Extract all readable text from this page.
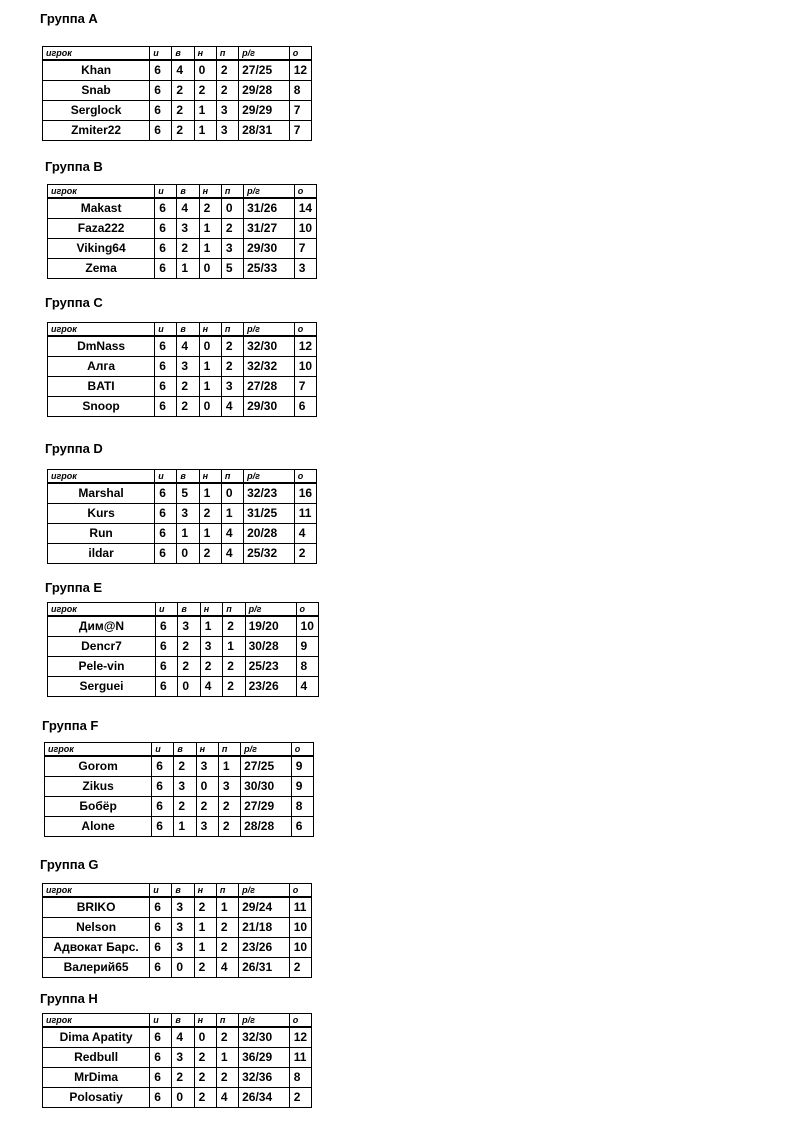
Группа А
игрок	и	в	н	п	р/г	о
Khan	6	4	0	2	27/25	12
Snab	6	2	2	2	29/28	8
Serglock	6	2	1	3	29/29	7
Zmiter22	6	2	1	3	28/31	7
Группа В
игрок	и	в	н	п	р/г	о
Makast	6	4	2	0	31/26	14
Faza222	6	3	1	2	31/27	10
Viking64	6	2	1	3	29/30	7
Zema	6	1	0	5	25/33	3
Группа С
игрок	и	в	н	п	р/г	о
DmNass	6	4	0	2	32/30	12
Алга	6	3	1	2	32/32	10
BATI	6	2	1	3	27/28	7
Snoop	6	2	0	4	29/30	6
Группа D
игрок	и	в	н	п	р/г	о
Marshal	6	5	1	0	32/23	16
Kurs	6	3	2	1	31/25	11
Run	6	1	1	4	20/28	4
ildar	6	0	2	4	25/32	2
Группа Е
игрок	и	в	н	п	р/г	о
Дим@N	6	3	1	2	19/20	10
Dencr7	6	2	3	1	30/28	9
Pele-vin	6	2	2	2	25/23	8
Serguei	6	0	4	2	23/26	4
Группа F
игрок	и	в	н	п	р/г	о
Gorom	6	2	3	1	27/25	9
Zikus	6	3	0	3	30/30	9
Бобёр	6	2	2	2	27/29	8
Alone	6	1	3	2	28/28	6
Группа G
игрок	и	в	н	п	р/г	о
BRIKO	6	3	2	1	29/24	11
Nelson	6	3	1	2	21/18	10
Адвокат Барс.	6	3	1	2	23/26	10
Валерий65	6	0	2	4	26/31	2
Группа H
игрок	и	в	н	п	р/г	о
Dima Apatity	6	4	0	2	32/30	12
Redbull	6	3	2	1	36/29	11
MrDima	6	2	2	2	32/36	8
Polosatiy	6	0	2	4	26/34	2
